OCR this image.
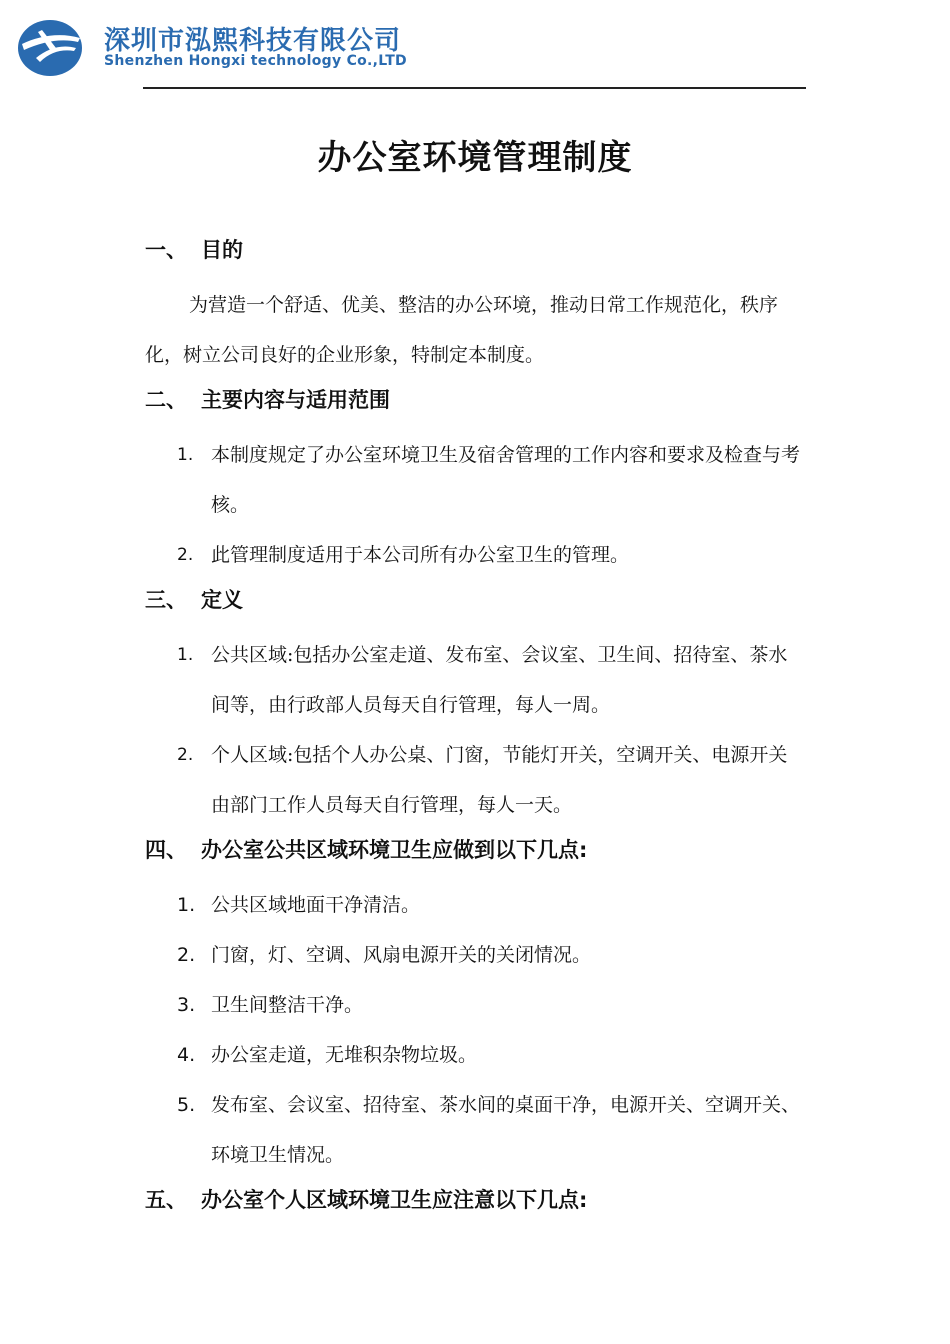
深圳市泓熙科技有限公司
Shenzhen Hongxi technology Co.,LTD
办公室环境管理制度
一、 目的
为营造一个舒适、优美、整洁的办公环境，推动日常工作规范化，秩序化，树立公司良好的企业形象，特制定本制度。
二、 主要内容与适用范围
1. 本制度规定了办公室环境卫生及宿舍管理的工作内容和要求及检查与考核。
2. 此管理制度适用于本公司所有办公室卫生的管理。
三、 定义
1. 公共区域:包括办公室走道、发布室、会议室、卫生间、招待室、茶水间等，由行政部人员每天自行管理，每人一周。
2. 个人区域:包括个人办公桌、门窗，节能灯开关，空调开关、电源开关由部门工作人员每天自行管理，每人一天。
四、 办公室公共区域环境卫生应做到以下几点:
1. 公共区域地面干净清洁。
2. 门窗，灯、空调、风扇电源开关的关闭情况。
3. 卫生间整洁干净。
4. 办公室走道，无堆积杂物垃圾。
5. 发布室、会议室、招待室、茶水间的桌面干净，电源开关、空调开关、环境卫生情况。
五、 办公室个人区域环境卫生应注意以下几点:
